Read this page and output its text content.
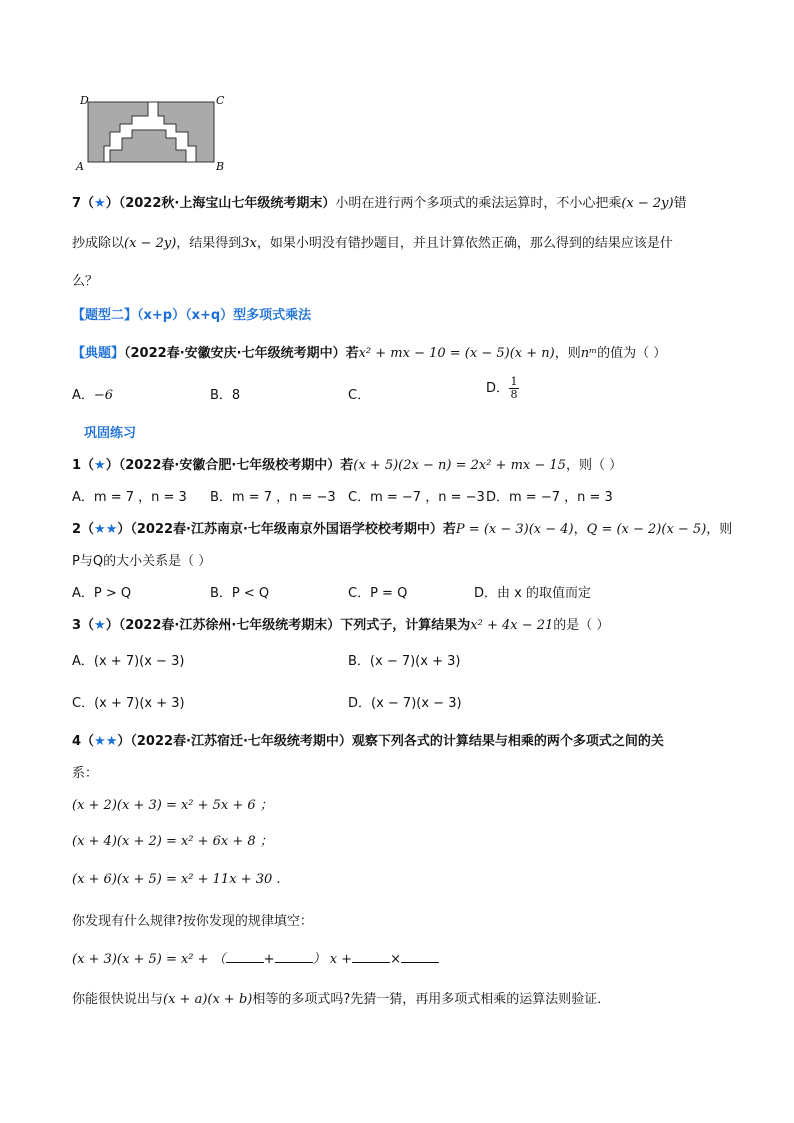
D	C
A	B
7（★）（2022秋·上海宝山七年级统考期末）小明在进行两个多项式的乘法运算时，不小心把乘(x − 2y)错
抄成除以(x − 2y)，结果得到3x，如果小明没有错抄题目，并且计算依然正确，那么得到的结果应该是什
么？
【题型二】（x+p）（x+q）型多项式乘法
【典题】（2022春·安徽安庆·七年级统考期中）若x² + mx − 10 = (x − 5)(x + n)，则nᵐ的值为（ ）
A．−6	B．8	C．	D． $\frac{1}{8}$
巩固练习
1（★）（2022春·安徽合肥·七年级校考期中）若(x + 5)(2x − n) = 2x² + mx − 15，则（ ）
A．m = 7 ，n = 3 B．m = 7 ，n = −3 C．m = −7 ，n = −3 D．m = −7 ，n = 3
2（★★）（2022春·江苏南京·七年级南京外国语学校校考期中）若P = (x − 3)(x − 4)，Q = (x − 2)(x − 5)，则
P与Q的大小关系是（ ）
A．P > Q	B．P < Q	C．P = Q	D．由 x 的取值而定
3（★）（2022春·江苏徐州·七年级统考期末）下列式子，计算结果为x² + 4x − 21的是（ ）
A．(x + 7)(x − 3)	B．(x − 7)(x + 3)
C．(x + 7)(x + 3)	D．(x − 7)(x − 3)
4（★★）（2022春·江苏宿迁·七年级统考期中）观察下列各式的计算结果与相乘的两个多项式之间的关
系：
(x + 2)(x + 3) = x² + 5x + 6 ；
(x + 4)(x + 2) = x² + 6x + 8 ；
(x + 6)(x + 5) = x² + 11x + 30 .
你发现有什么规律?按你发现的规律填空：
(x + 3)(x + 5) = x² + （	+	） x +	×
你能很快说出与(x + a)(x + b)相等的多项式吗?先猜一猜，再用多项式相乘的运算法则验证．
